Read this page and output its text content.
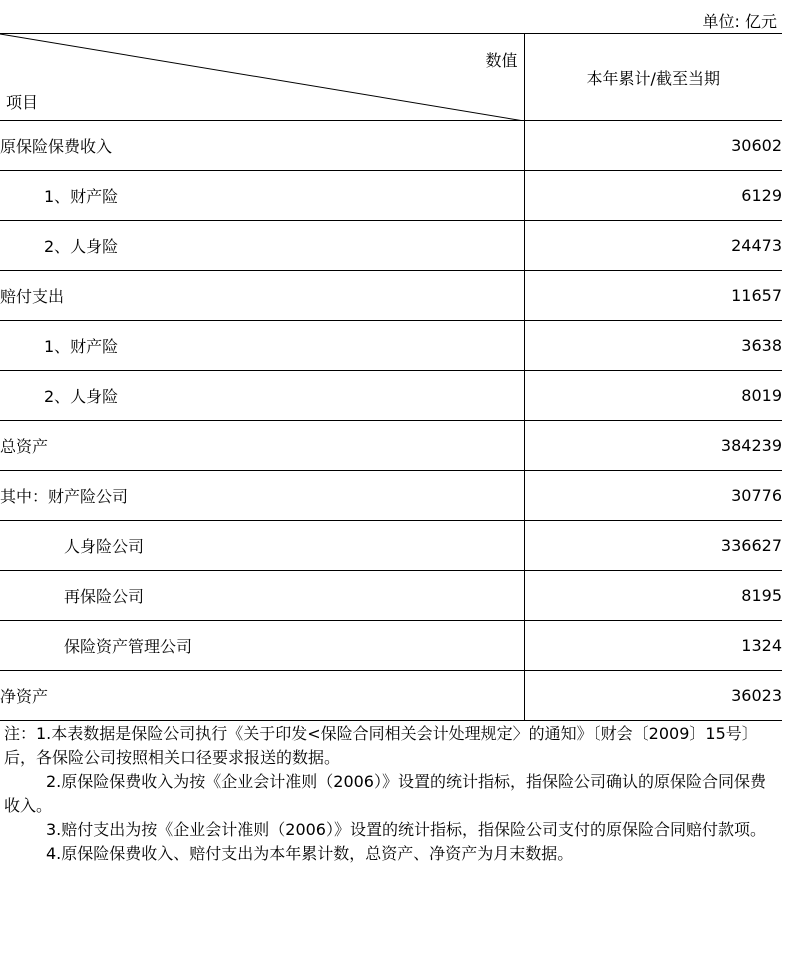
单位: 亿元
数值
项目	本年累计/截至当期
原保险保费收入	30602
1、财产险	6129
2、人身险	24473
赔付支出	11657
1、财产险	3638
2、人身险	8019
总资产	384239
其中：财产险公司	30776
人身险公司	336627
再保险公司	8195
保险资产管理公司	1324
净资产	36023

注：1.本表数据是保险公司执行《关于印发<保险合同相关会计处理规定〉的通知》〔财会〔2009〕15号〕后，各保险公司按照相关口径要求报送的数据。

2.原保险保费收入为按《企业会计准则（2006）》设置的统计指标，指保险公司确认的原保险合同保费收入。

3.赔付支出为按《企业会计准则（2006）》设置的统计指标，指保险公司支付的原保险合同赔付款项。

4.原保险保费收入、赔付支出为本年累计数，总资产、净资产为月末数据。
